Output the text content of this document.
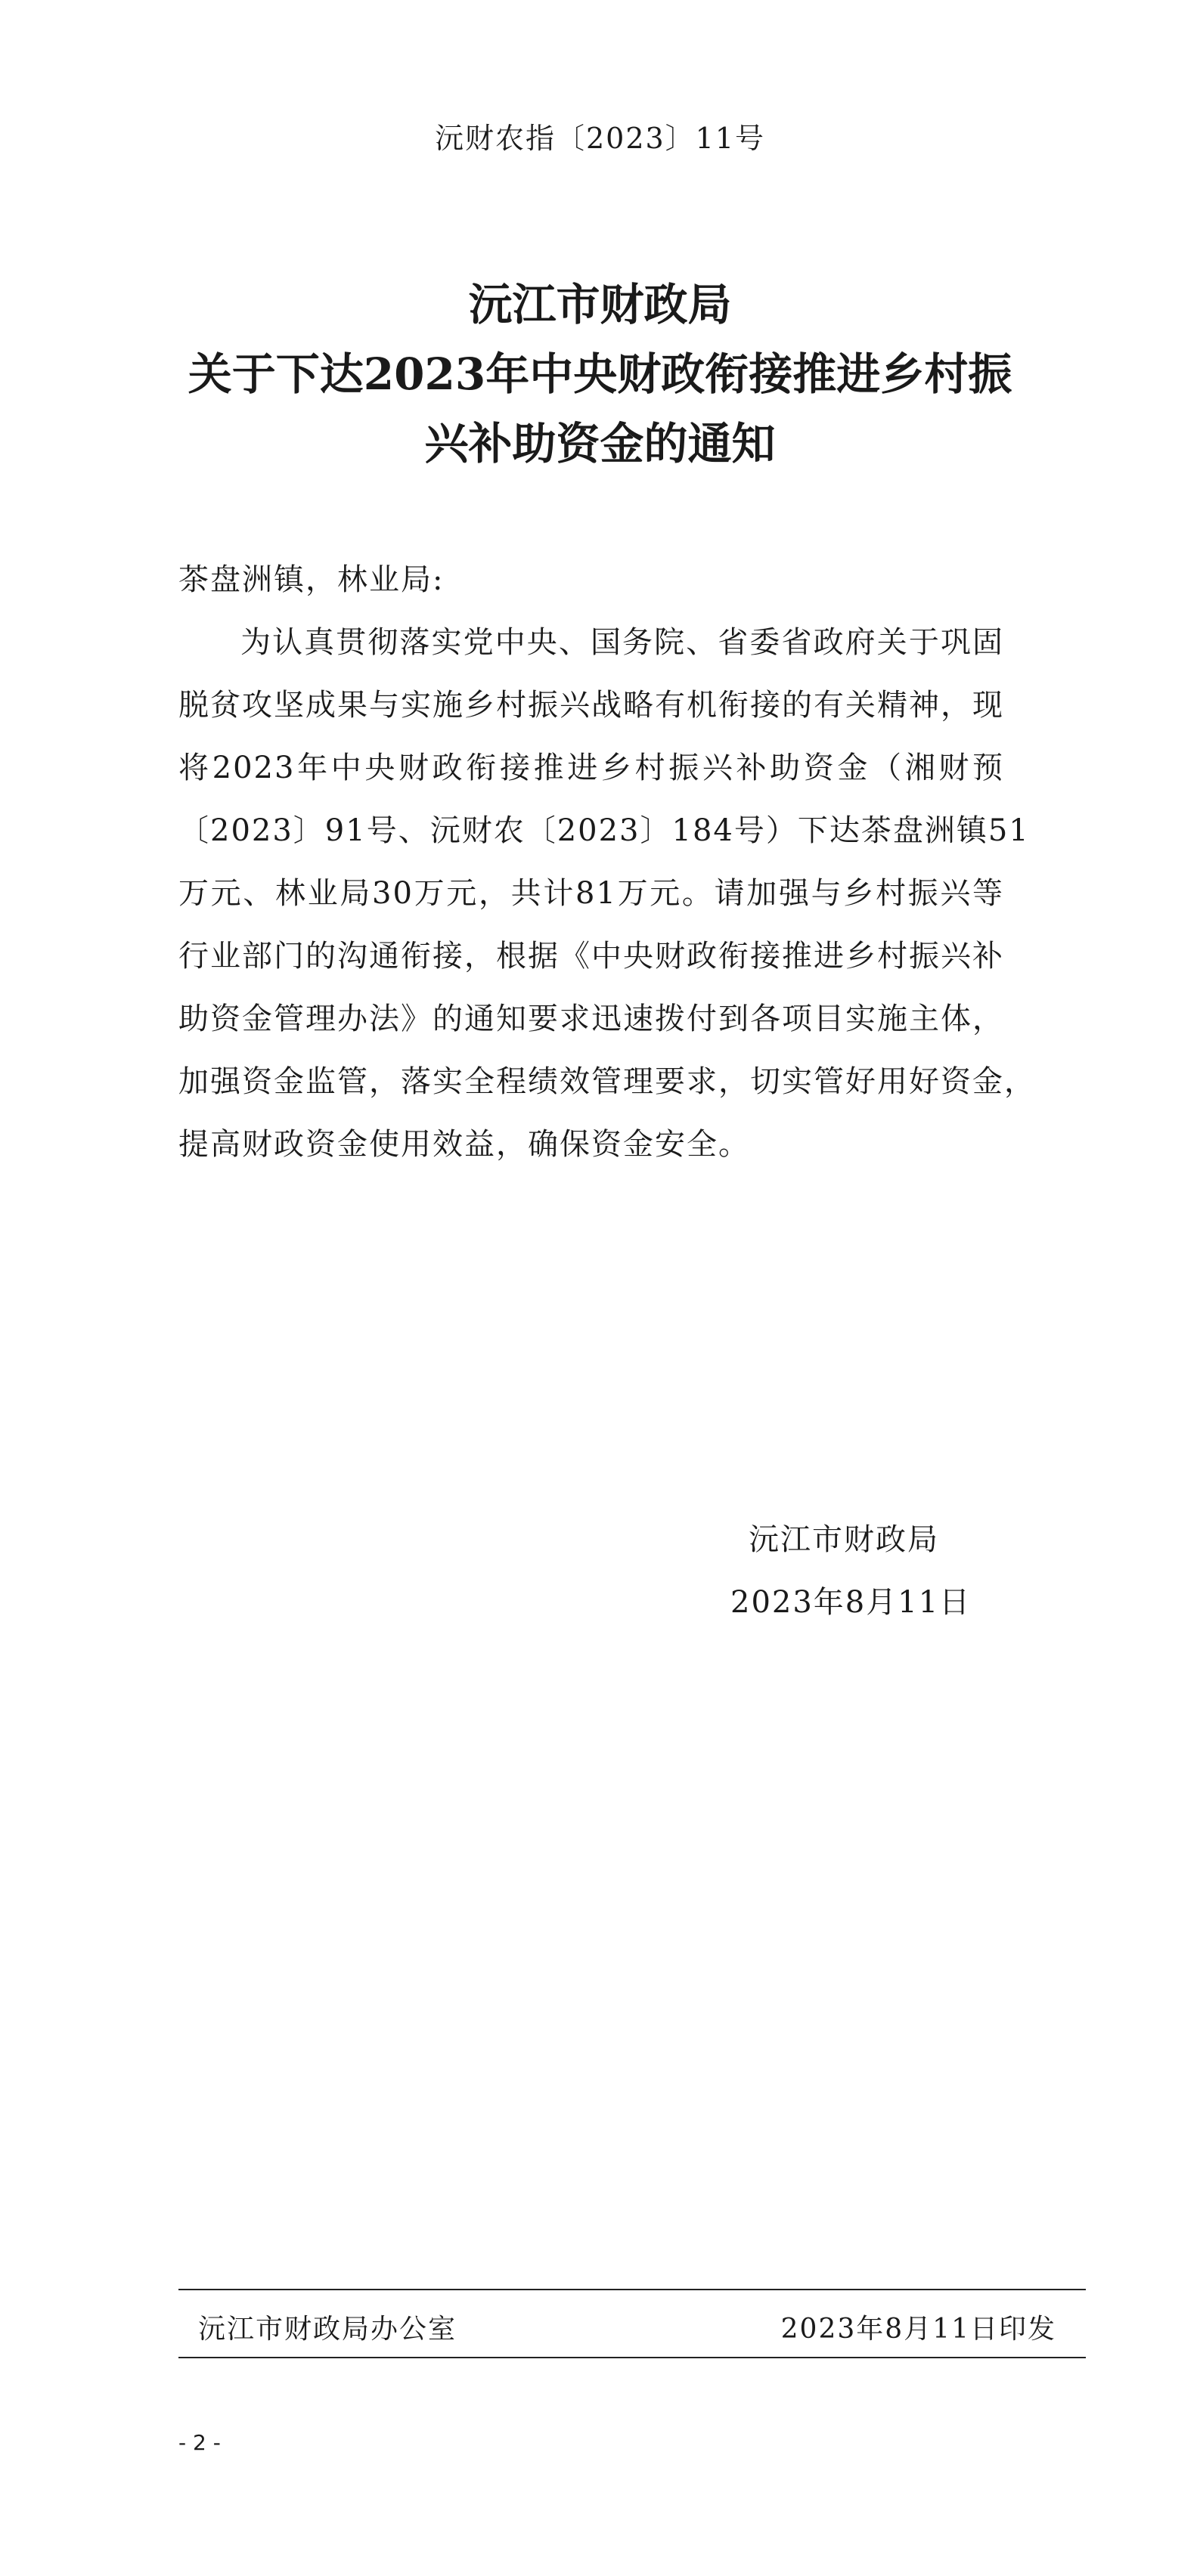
沅财农指〔2023〕11号
沅江市财政局
关于下达2023年中央财政衔接推进乡村振
兴补助资金的通知
茶盘洲镇，林业局:
为认真贯彻落实党中央、国务院、省委省政府关于巩固
脱贫攻坚成果与实施乡村振兴战略有机衔接的有关精神，现
将2023年中央财政衔接推进乡村振兴补助资金（湘财预
〔2023〕91号、沅财农〔2023〕184号）下达茶盘洲镇51
万元、林业局30万元，共计81万元。请加强与乡村振兴等
行业部门的沟通衔接，根据《中央财政衔接推进乡村振兴补
助资金管理办法》的通知要求迅速拨付到各项目实施主体，
加强资金监管，落实全程绩效管理要求，切实管好用好资金，
提高财政资金使用效益，确保资金安全。
沅江市财政局
2023年8月11日
沅江市财政局办公室	2023年8月11日印发
- 2 -
